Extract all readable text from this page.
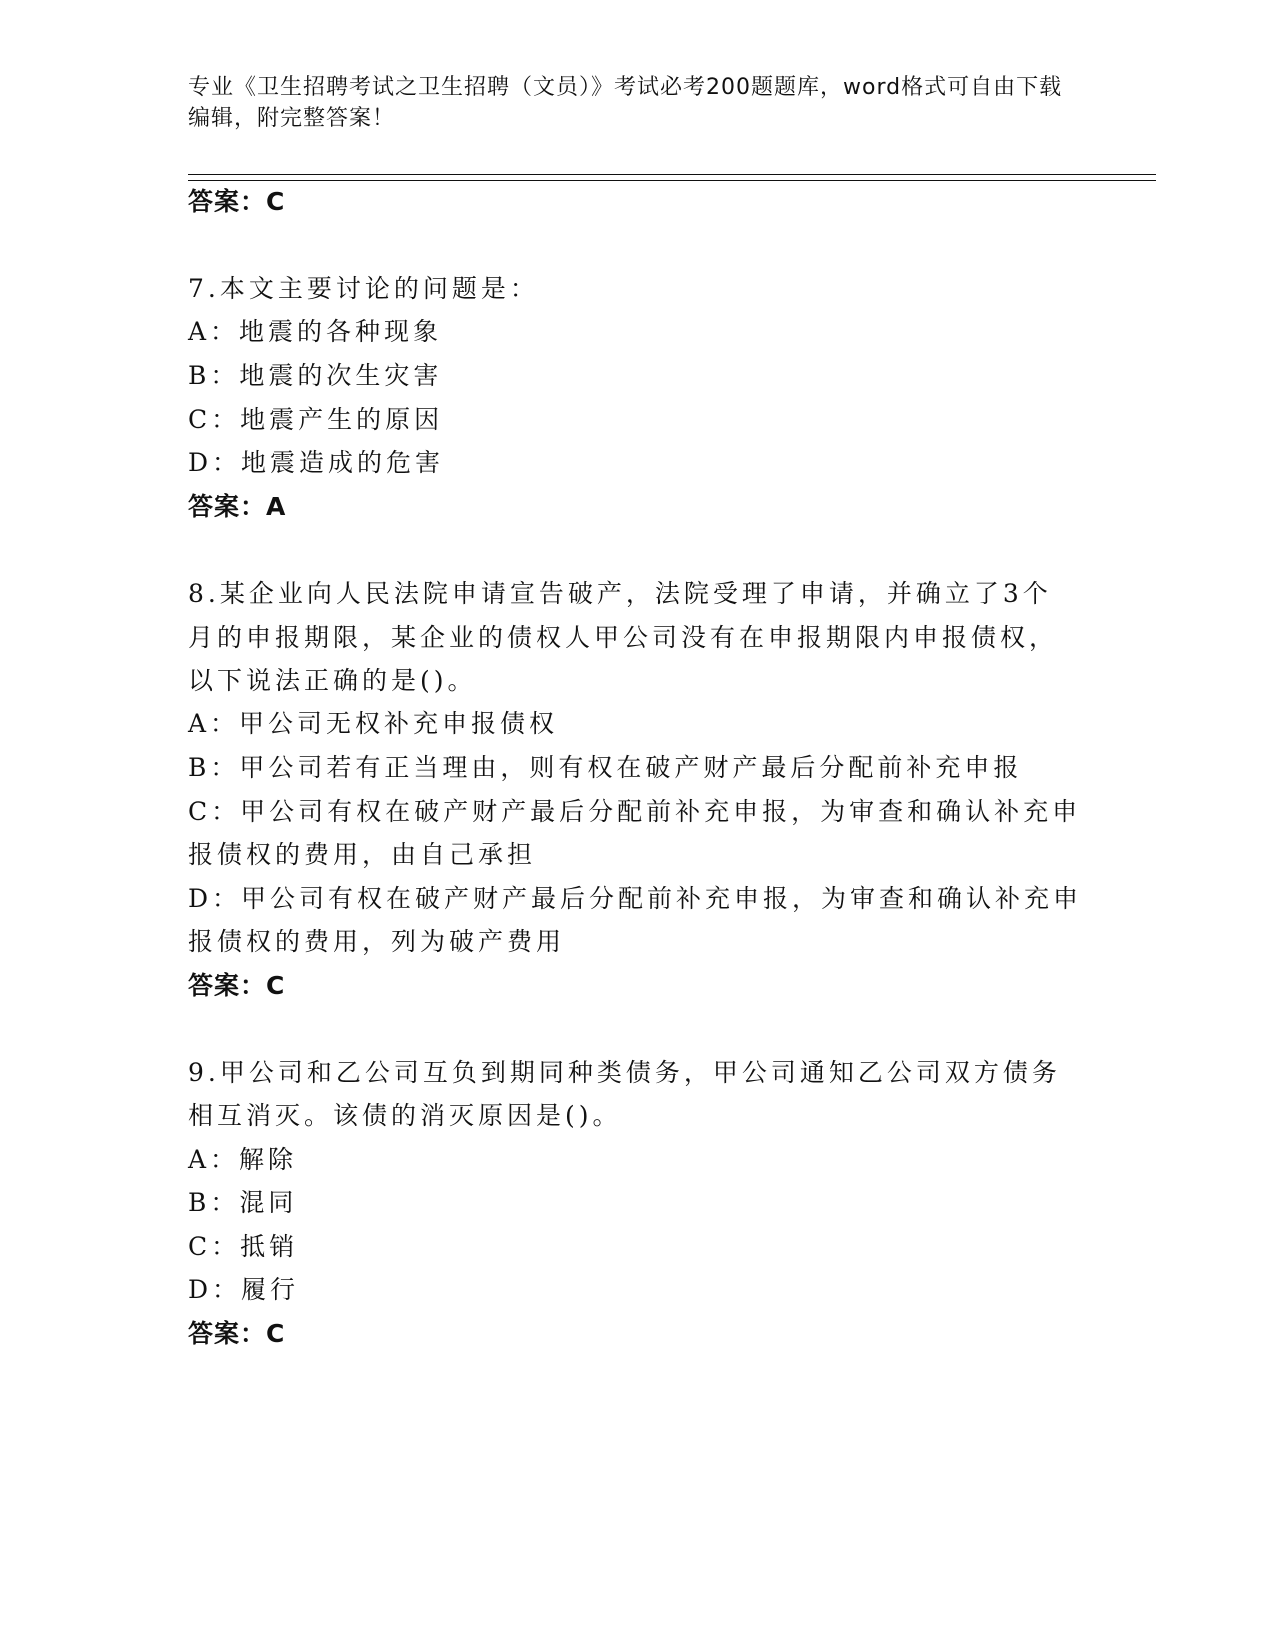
专业《卫生招聘考试之卫生招聘（文员）》考试必考200题题库，word格式可自由下载编辑，附完整答案！
答案：C
7.本文主要讨论的问题是：
A：地震的各种现象
B：地震的次生灾害
C：地震产生的原因
D：地震造成的危害
答案：A
8.某企业向人民法院申请宣告破产，法院受理了申请，并确立了3个
月的申报期限，某企业的债权人甲公司没有在申报期限内申报债权，
以下说法正确的是()。
A：甲公司无权补充申报债权
B：甲公司若有正当理由，则有权在破产财产最后分配前补充申报
C：甲公司有权在破产财产最后分配前补充申报，为审查和确认补充申
报债权的费用，由自己承担
D：甲公司有权在破产财产最后分配前补充申报，为审查和确认补充申
报债权的费用，列为破产费用
答案：C
9.甲公司和乙公司互负到期同种类债务，甲公司通知乙公司双方债务
相互消灭。该债的消灭原因是()。
A：解除
B：混同
C：抵销
D：履行
答案：C
